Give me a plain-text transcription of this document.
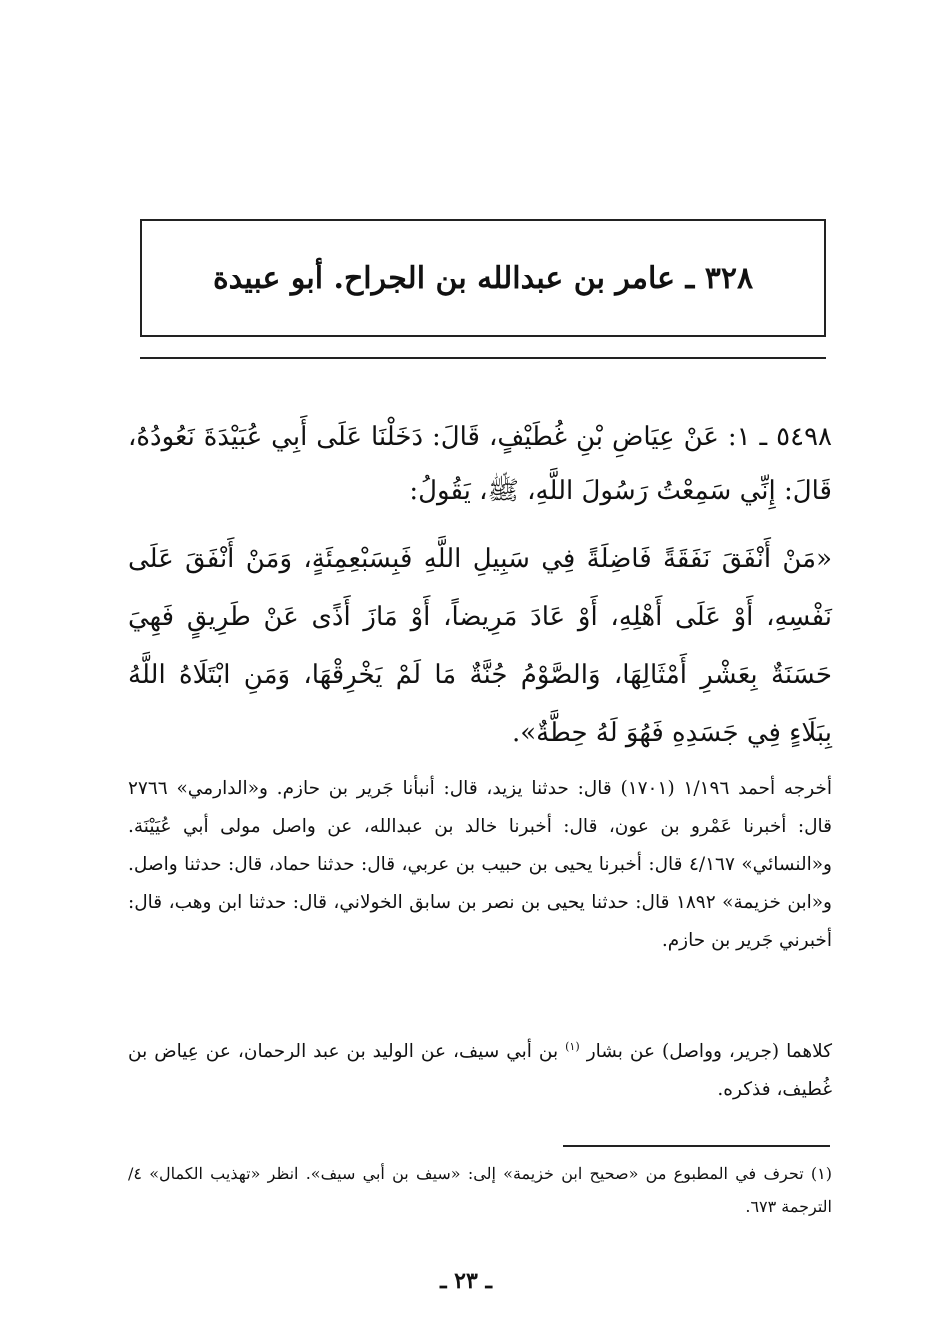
٣٢٨ ـ عامر بن عبدالله بن الجراح. أبو عبيدة

٥٤٩٨ ـ ١: عَنْ عِيَاضِ بْنِ غُطَيْفٍ، قَالَ: دَخَلْنَا عَلَى أَبِي عُبَيْدَةَ نَعُودُهُ، قَالَ: إِنِّي سَمِعْتُ رَسُولَ اللَّهِ، ﷺ، يَقُولُ:

«مَنْ أَنْفَقَ نَفَقَةً فَاضِلَةً فِي سَبِيلِ اللَّهِ فَبِسَبْعِمِئَةٍ، وَمَنْ أَنْفَقَ عَلَى نَفْسِهِ، أَوْ عَلَى أَهْلِهِ، أَوْ عَادَ مَرِيضاً، أَوْ مَازَ أَذًى عَنْ طَرِيقٍ فَهِيَ حَسَنَةٌ بِعَشْرِ أَمْثَالِهَا، وَالصَّوْمُ جُنَّةٌ مَا لَمْ يَخْرِقْهَا، وَمَنِ ابْتَلَاهُ اللَّهُ بِبَلَاءٍ فِي جَسَدِهِ فَهُوَ لَهُ حِطَّةٌ».

أخرجه أحمد ١/١٩٦ (١٧٠١) قال: حدثنا يزيد، قال: أنبأنا جَرير بن حازم. و«الدارمي» ٢٧٦٦ قال: أخبرنا عَمْرو بن عون، قال: أخبرنا خالد بن عبدالله، عن واصل مولى أبي عُيَيْنَة. و«النسائي» ٤/١٦٧ قال: أخبرنا يحيى بن حبيب بن عربي، قال: حدثنا حماد، قال: حدثنا واصل. و«ابن خزيمة» ١٨٩٢ قال: حدثنا يحيى بن نصر بن سابق الخولاني، قال: حدثنا ابن وهب، قال: أخبرني جَرير بن حازم.

كلاهما (جرير، وواصل) عن بشار $^{(١)}$ بن أبي سيف، عن الوليد بن عبد الرحمان، عن عِياض بن غُطيف، فذكره.

(١) تحرف في المطبوع من «صحيح ابن خزيمة» إلى: «سيف بن أبي سيف». انظر «تهذيب الكمال» ٤/الترجمة ٦٧٣.

ـ ٢٣ ـ
